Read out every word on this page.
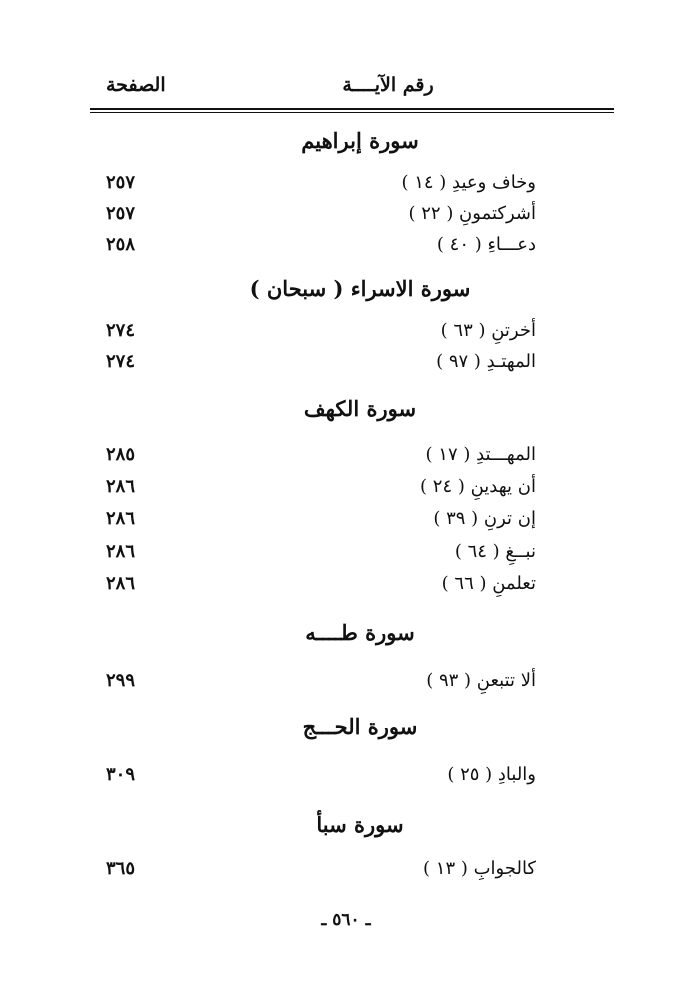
الصفحة	رقم الآيــــة
سورة إبراهيم
وخاف وعيدِ ( ١٤ )
٢٥٧
أشركتمونِ ( ٢٢ )
٢٥٧
دعـــاءِ ( ٤٠ )
٢٥٨
سورة الاسراء ( سبحان )
أخرتنِ ( ٦٣ )
٢٧٤
المهتـدِ ( ٩٧ )
٢٧٤
سورة الكهف
المهـــتدِ ( ١٧ )
٢٨٥
أن يهدينِ ( ٢٤ )
٢٨٦
إن ترنِ ( ٣٩ )
٢٨٦
نبــغِ ( ٦٤ )
٢٨٦
تعلمنِ ( ٦٦ )
٢٨٦
سورة طــــه
ألا تتبعنِ ( ٩٣ )
٢٩٩
سورة الحـــج
والبادِ ( ٢٥ )
٣٠٩
سورة سبأ
كالجوابِ ( ١٣ )
٣٦٥
ـ ٥٦٠ ـ
